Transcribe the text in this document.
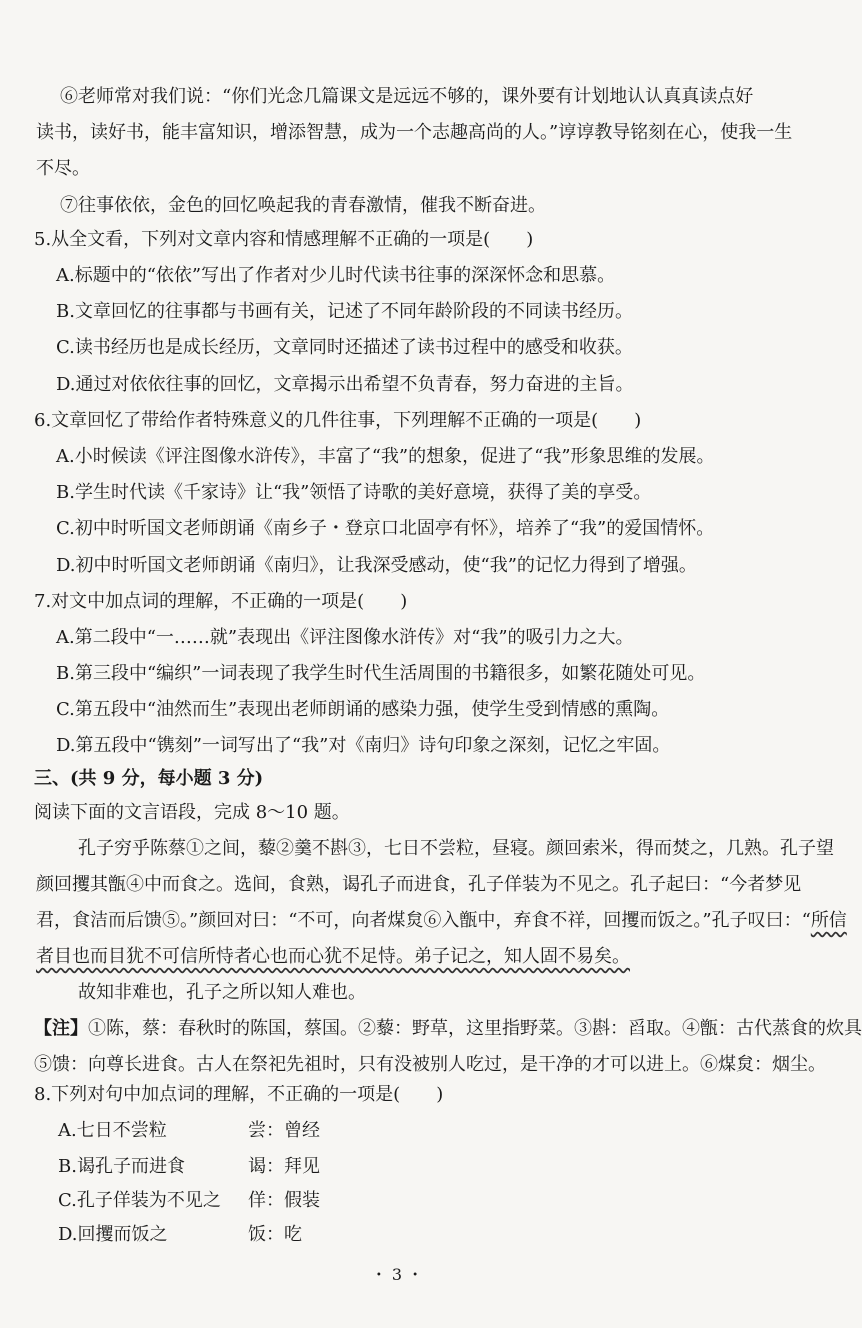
⑥老师常对我们说：“你们光念几篇课文是远远不够的，课外要有计划地认认真真读点好
读书，读好书，能丰富知识，增添智慧，成为一个志趣高尚的人。”谆谆教导铭刻在心，使我一生
不尽。
⑦往事依依，金色的回忆唤起我的青春激情，催我不断奋进。
5.从全文看，下列对文章内容和情感理解不正确的一项是(　　)
A.标题中的“依依”写出了作者对少儿时代读书往事的深深怀念和思慕。
B.文章回忆的往事都与书画有关，记述了不同年龄阶段的不同读书经历。
C.读书经历也是成长经历，文章同时还描述了读书过程中的感受和收获。
D.通过对依依往事的回忆，文章揭示出希望不负青春，努力奋进的主旨。
6.文章回忆了带给作者特殊意义的几件往事，下列理解不正确的一项是(　　)
A.小时候读《评注图像水浒传》，丰富了“我”的想象，促进了“我”形象思维的发展。
B.学生时代读《千家诗》让“我”领悟了诗歌的美好意境，获得了美的享受。
C.初中时听国文老师朗诵《南乡子・登京口北固亭有怀》，培养了“我”的爱国情怀。
D.初中时听国文老师朗诵《南归》，让我深受感动，使“我”的记忆力得到了增强。
7.对文中加点词的理解，不正确的一项是(　　)
A.第二段中“一……就”表现出《评注图像水浒传》对“我”的吸引力之大。
B.第三段中“编织”一词表现了我学生时代生活周围的书籍很多，如繁花随处可见。
C.第五段中“油然而生”表现出老师朗诵的感染力强，使学生受到情感的熏陶。
D.第五段中“镌刻”一词写出了“我”对《南归》诗句印象之深刻，记忆之牢固。
三、(共 9 分，每小题 3 分)
阅读下面的文言语段，完成 8～10 题。
孔子穷乎陈蔡①之间，藜②羹不斟③，七日不尝粒，昼寝。颜回索米，得而焚之，几熟。孔子望
颜回攫其甑④中而食之。选间，食熟，谒孔子而进食，孔子佯装为不见之。孔子起曰：“今者梦见
君，食洁而后馈⑤。”颜回对曰：“不可，向者煤炱⑥入甑中，弃食不祥，回攫而饭之。”孔子叹曰：“所信
者目也而目犹不可信所恃者心也而心犹不足恃。弟子记之，知人固不易矣。
故知非难也，孔子之所以知人难也。
【注】①陈，蔡：春秋时的陈国，蔡国。②藜：野草，这里指野菜。③斟：舀取。④甑：古代蒸食的炊具
⑤馈：向尊长进食。古人在祭祀先祖时，只有没被别人吃过，是干净的才可以进上。⑥煤炱：烟尘。
8.下列对句中加点词的理解，不正确的一项是(　　)
A.七日不尝粒	尝：曾经
B.谒孔子而进食	谒：拜见
C.孔子佯装为不见之 佯：假装
D.回攫而饭之	饭：吃
・ 3 ・
